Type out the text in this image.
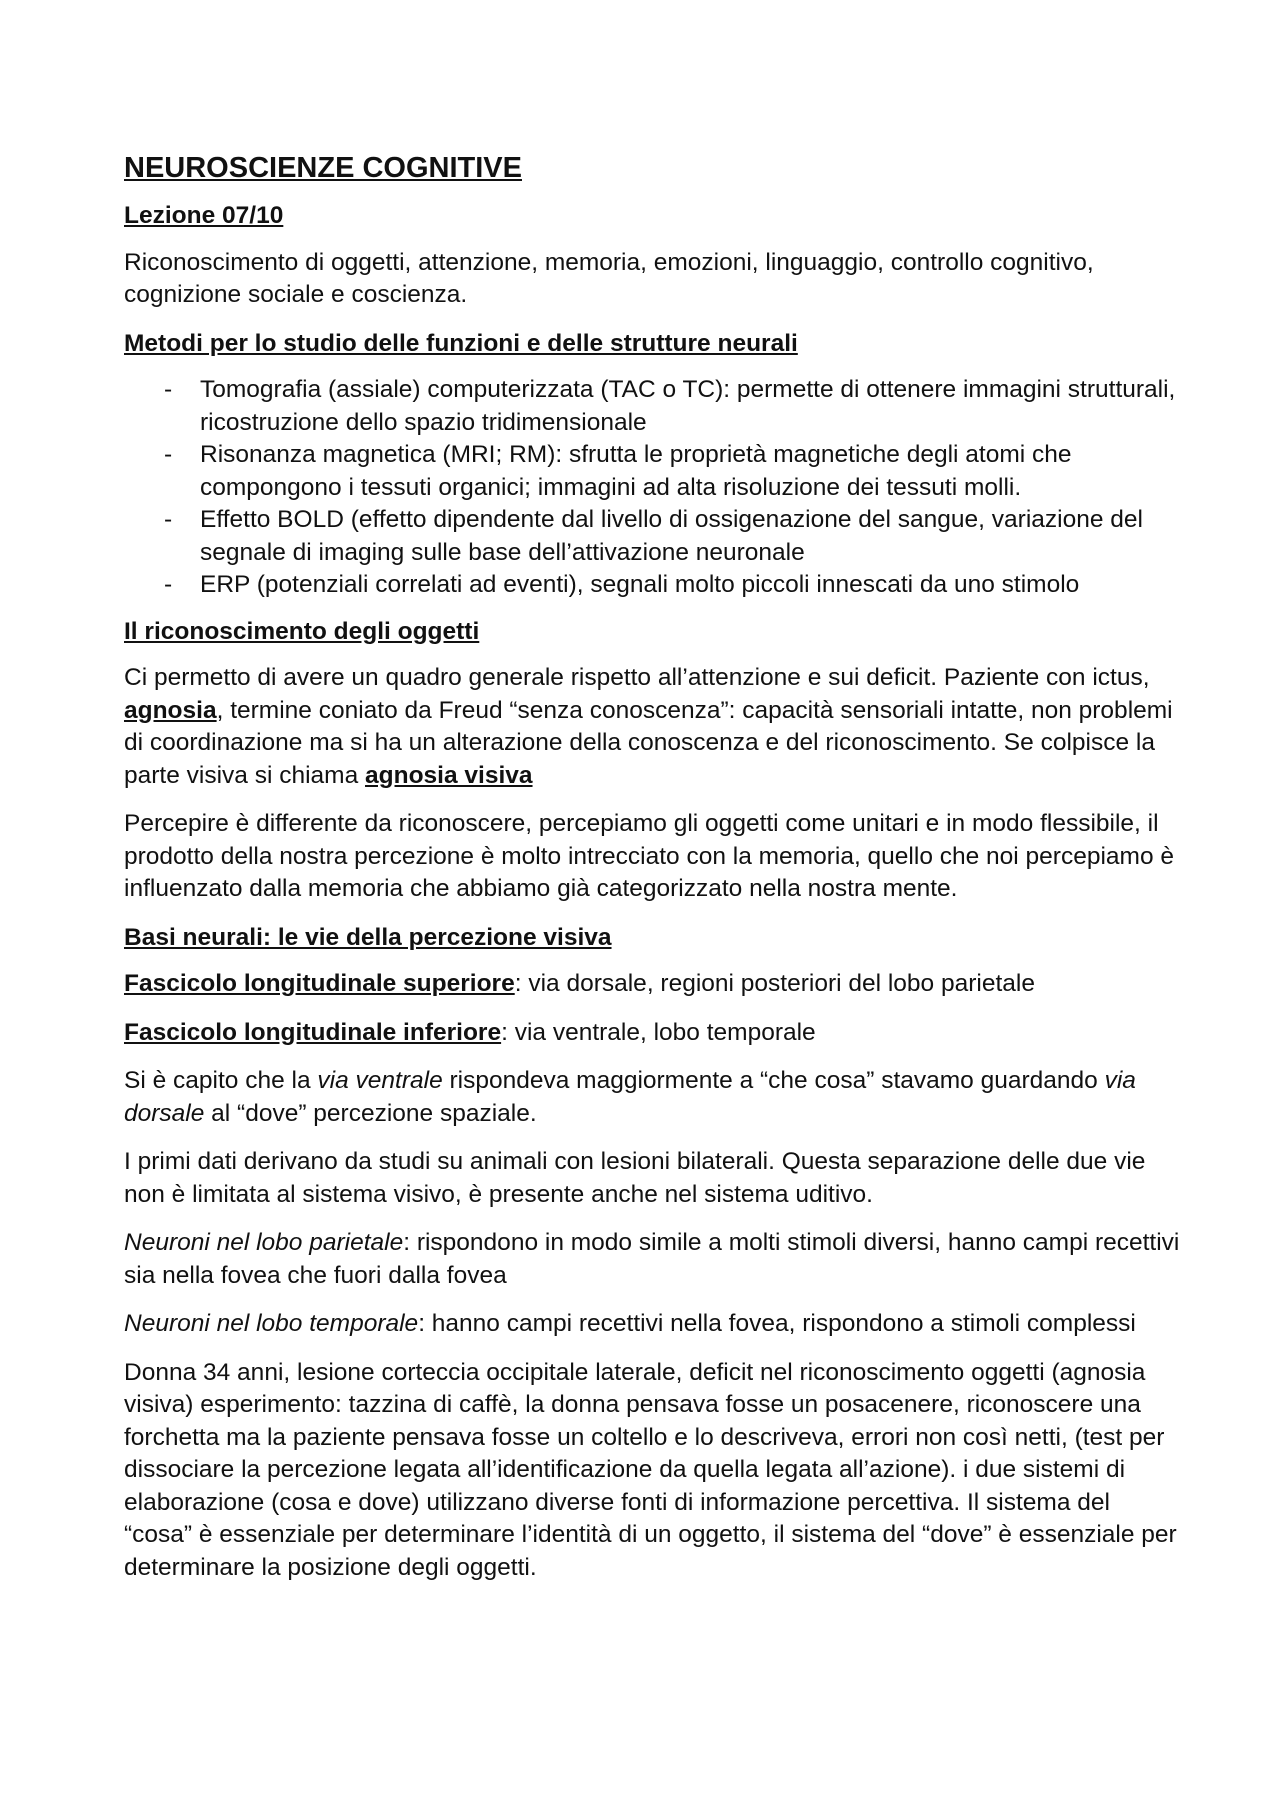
NEUROSCIENZE COGNITIVE
Lezione 07/10

Riconoscimento di oggetti, attenzione, memoria, emozioni, linguaggio, controllo cognitivo, cognizione sociale e coscienza.

Metodi per lo studio delle funzioni e delle strutture neurali
- Tomografia (assiale) computerizzata (TAC o TC): permette di ottenere immagini strutturali, ricostruzione dello spazio tridimensionale
- Risonanza magnetica (MRI; RM): sfrutta le proprietà magnetiche degli atomi che compongono i tessuti organici; immagini ad alta risoluzione dei tessuti molli.
- Effetto BOLD (effetto dipendente dal livello di ossigenazione del sangue, variazione del segnale di imaging sulle base dell’attivazione neuronale
- ERP (potenziali correlati ad eventi), segnali molto piccoli innescati da uno stimolo
Il riconoscimento degli oggetti

Ci permetto di avere un quadro generale rispetto all’attenzione e sui deficit. Paziente con ictus, agnosia, termine coniato da Freud “senza conoscenza”: capacità sensoriali intatte, non problemi di coordinazione ma si ha un alterazione della conoscenza e del riconoscimento. Se colpisce la parte visiva si chiama agnosia visiva

Percepire è differente da riconoscere, percepiamo gli oggetti come unitari e in modo flessibile, il prodotto della nostra percezione è molto intrecciato con la memoria, quello che noi percepiamo è influenzato dalla memoria che abbiamo già categorizzato nella nostra mente.

Basi neurali: le vie della percezione visiva

Fascicolo longitudinale superiore: via dorsale, regioni posteriori del lobo parietale

Fascicolo longitudinale inferiore: via ventrale, lobo temporale

Si è capito che la via ventrale rispondeva maggiormente a “che cosa” stavamo guardando via dorsale al “dove” percezione spaziale.

I primi dati derivano da studi su animali con lesioni bilaterali. Questa separazione delle due vie non è limitata al sistema visivo, è presente anche nel sistema uditivo.

Neuroni nel lobo parietale: rispondono in modo simile a molti stimoli diversi, hanno campi recettivi sia nella fovea che fuori dalla fovea

Neuroni nel lobo temporale: hanno campi recettivi nella fovea, rispondono a stimoli complessi

Donna 34 anni, lesione corteccia occipitale laterale, deficit nel riconoscimento oggetti (agnosia visiva) esperimento: tazzina di caffè, la donna pensava fosse un posacenere, riconoscere una forchetta ma la paziente pensava fosse un coltello e lo descriveva, errori non così netti, (test per dissociare la percezione legata all’identificazione da quella legata all’azione). i due sistemi di elaborazione (cosa e dove) utilizzano diverse fonti di informazione percettiva. Il sistema del “cosa” è essenziale per determinare l’identità di un oggetto, il sistema del “dove” è essenziale per determinare la posizione degli oggetti.
